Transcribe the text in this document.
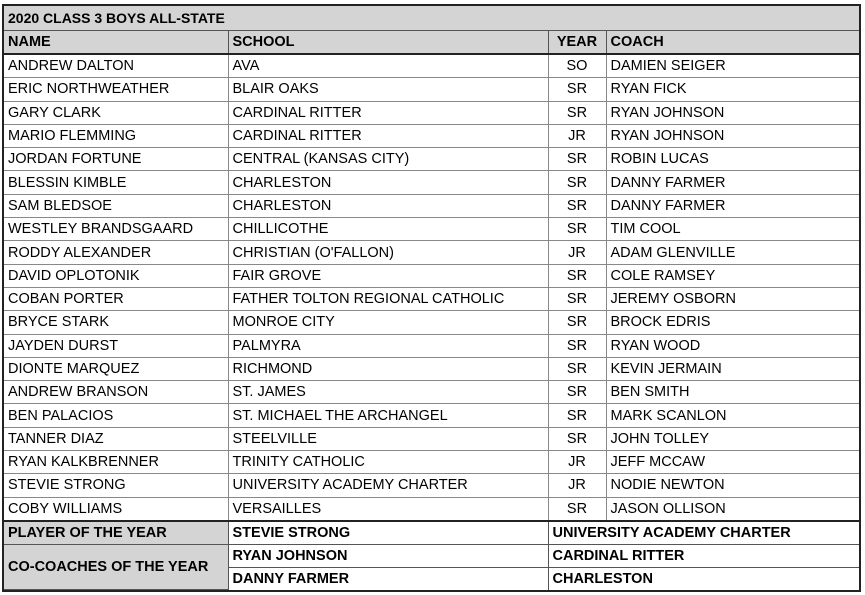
2020 CLASS 3 BOYS ALL-STATE			
NAME	SCHOOL	YEAR	COACH
ANDREW DALTON	AVA	SO	DAMIEN SEIGER
ERIC NORTHWEATHER	BLAIR OAKS	SR	RYAN FICK
GARY CLARK	CARDINAL RITTER	SR	RYAN JOHNSON
MARIO FLEMMING	CARDINAL RITTER	JR	RYAN JOHNSON
JORDAN FORTUNE	CENTRAL (KANSAS CITY)	SR	ROBIN LUCAS
BLESSIN KIMBLE	CHARLESTON	SR	DANNY FARMER
SAM BLEDSOE	CHARLESTON	SR	DANNY FARMER
WESTLEY BRANDSGAARD	CHILLICOTHE	SR	TIM COOL
RODDY ALEXANDER	CHRISTIAN (O'FALLON)	JR	ADAM GLENVILLE
DAVID OPLOTONIK	FAIR GROVE	SR	COLE RAMSEY
COBAN PORTER	FATHER TOLTON REGIONAL CATHOLIC	SR	JEREMY OSBORN
BRYCE STARK	MONROE CITY	SR	BROCK EDRIS
JAYDEN DURST	PALMYRA	SR	RYAN WOOD
DIONTE MARQUEZ	RICHMOND	SR	KEVIN JERMAIN
ANDREW BRANSON	ST. JAMES	SR	BEN SMITH
BEN PALACIOS	ST. MICHAEL THE ARCHANGEL	SR	MARK SCANLON
TANNER DIAZ	STEELVILLE	SR	JOHN TOLLEY
RYAN KALKBRENNER	TRINITY CATHOLIC	JR	JEFF MCCAW
STEVIE STRONG	UNIVERSITY ACADEMY CHARTER	JR	NODIE NEWTON
COBY WILLIAMS	VERSAILLES	SR	JASON OLLISON
PLAYER OF THE YEAR	STEVIE STRONG	UNIVERSITY ACADEMY CHARTER	
CO-COACHES OF THE YEAR	RYAN JOHNSON	CARDINAL RITTER	
	DANNY FARMER	CHARLESTON	
